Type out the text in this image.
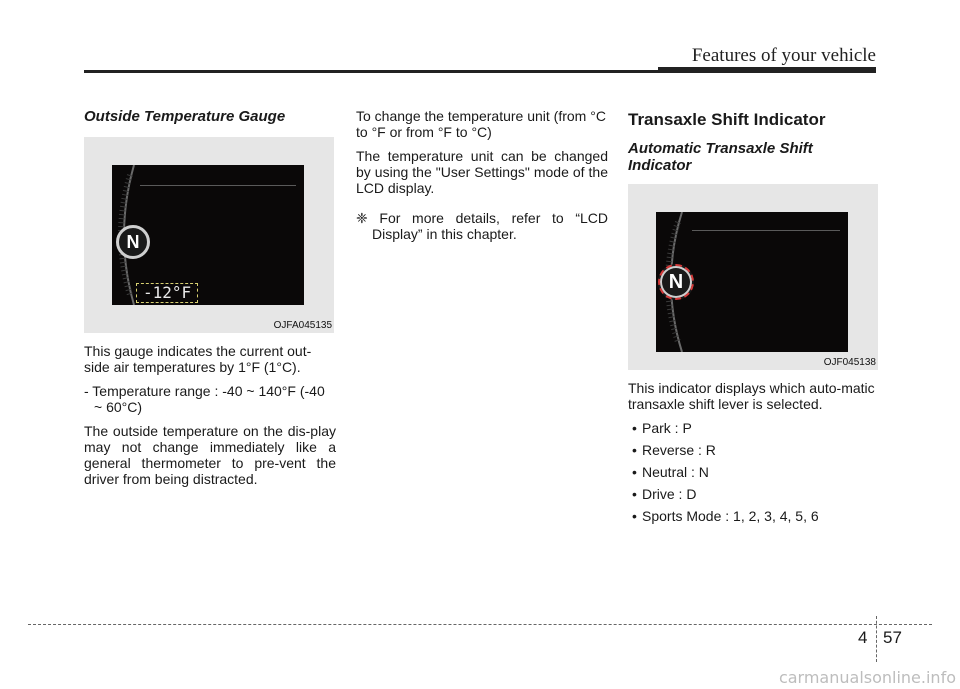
Features of your vehicle
Outside Temperature Gauge
N
-12°F
OJFA045135
This gauge indicates the current out-side air temperatures by 1°F (1°C).
- Temperature range : -40 ~ 140°F (-40 ~ 60°C)
The outside temperature on the dis-play may not change immediately like a general thermometer to pre-vent the driver from being distracted.
To change the temperature unit (from °C to °F or from °F to °C)
The temperature unit can be changed by using the "User Settings" mode of the LCD display.
❈ For more details, refer to “LCD Display” in this chapter.
Transaxle Shift Indicator
Automatic Transaxle Shift Indicator
N
OJF045138
This indicator displays which auto-matic transaxle shift lever is selected.
• Park : P
• Reverse : R
• Neutral : N
• Drive : D
• Sports Mode : 1, 2, 3, 4, 5, 6
4 57
carmanualsonline.info
